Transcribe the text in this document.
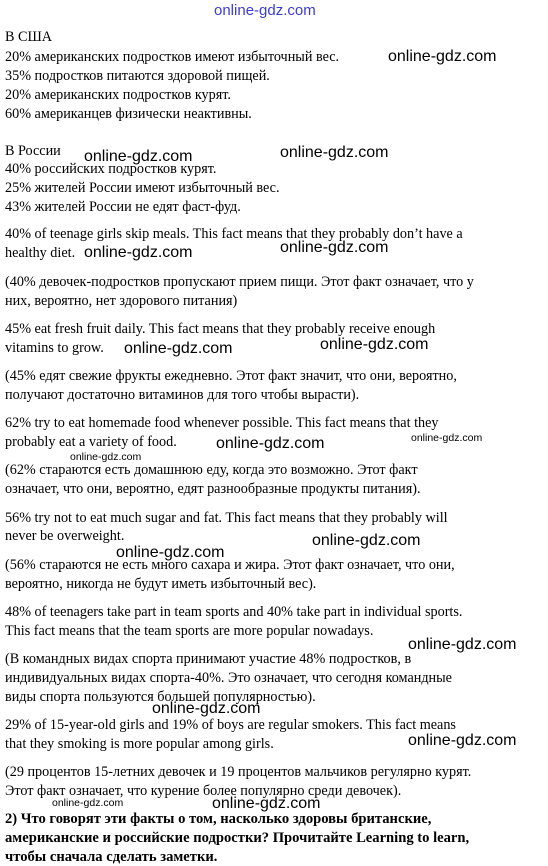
В США
20% американских подростков имеют избыточный вес.
35% подростков питаются здоровой пищей.
20% американских подростков курят.
60% американцев физически неактивны.
В России
40% российских подростков курят.
25% жителей России имеют избыточный вес.
43% жителей России не едят фаст-фуд.
40% of teenage girls skip meals. This fact means that they probably don’t have a
healthy diet.
(40% девочек-подростков пропускают прием пищи. Этот факт означает, что у
них, вероятно, нет здорового питания)
45% eat fresh fruit daily. This fact means that they probably receive enough
vitamins to grow.
(45% едят свежие фрукты ежедневно. Этот факт значит, что они, вероятно,
получают достаточно витаминов для того чтобы вырасти).
62% try to eat homemade food whenever possible. This fact means that they
probably eat a variety of food.
(62% стараются есть домашнюю еду, когда это возможно. Этот факт
означает, что они, вероятно, едят разнообразные продукты питания).
56% try not to eat much sugar and fat. This fact means that they probably will
never be overweight.
(56% стараются не есть много сахара и жира. Этот факт означает, что они,
вероятно, никогда не будут иметь избыточный вес).
48% of teenagers take part in team sports and 40% take part in individual sports.
This fact means that the team sports are more popular nowadays.
(В командных видах спорта принимают участие 48% подростков, в
индивидуальных видах спорта-40%. Это означает, что сегодня командные
виды спорта пользуются большей популярностью).
29% of 15-year-old girls and 19% of boys are regular smokers. This fact means
that they smoking is more popular among girls.
(29 процентов 15-летних девочек и 19 процентов мальчиков регулярно курят.
Этот факт означает, что курение более популярно среди девочек).
2) Что говорят эти факты о том, насколько здоровы британские,
американские и российские подростки? Прочитайте Learning to learn,
чтобы сначала сделать заметки.
online-gdz.com
online-gdz.com
online-gdz.com	online-gdz.com
online-gdz.com	online-gdz.com
online-gdz.com	online-gdz.com
online-gdz.com	online-gdz.com
online-gdz.com
online-gdz.com
online-gdz.com
online-gdz.com
online-gdz.com
online-gdz.com
online-gdz.com	online-gdz.com
